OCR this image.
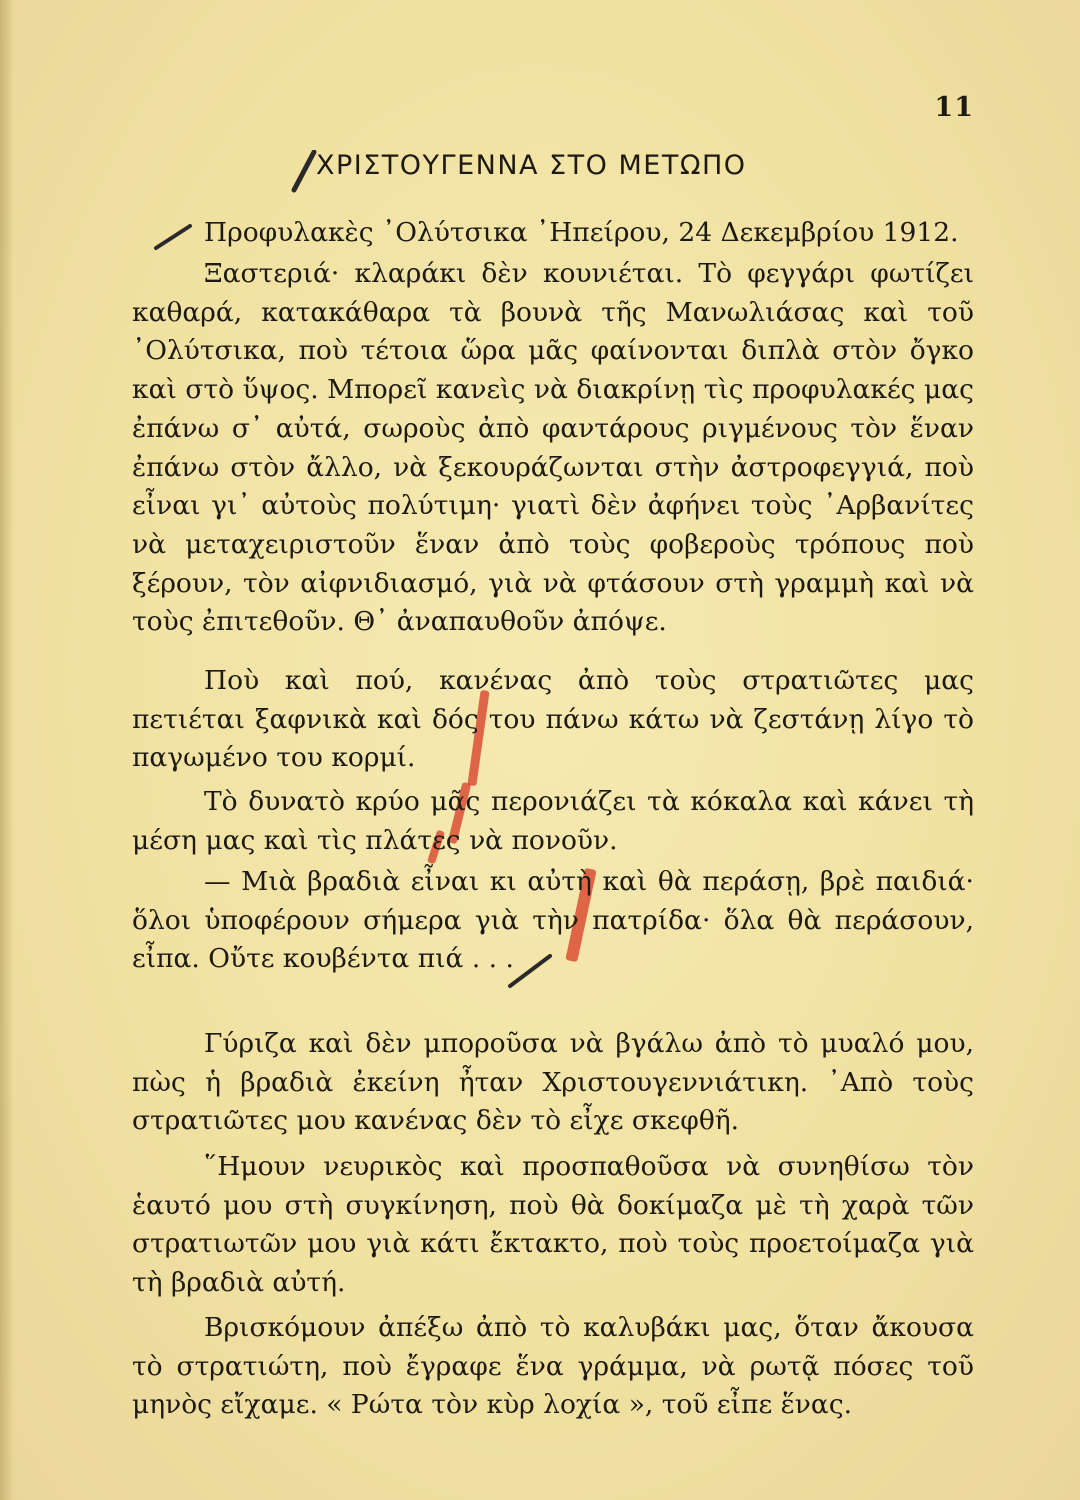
11
ΧΡΙΣΤΟΥΓΕΝΝΑ ΣΤΟ ΜΕΤΩΠΟ

Προφυλακὲς ᾿Ολύτσικα ᾿Ηπείρου, 24 Δεκεμβρίου 1912.

Ξαστεριά· κλαράκι δὲν κουνιέται. Τὸ φεγγάρι φωτίζει καθαρά, κατακάθαρα τὰ βουνὰ τῆς Μανωλιάσας καὶ τοῦ ᾿Ολύτσικα, ποὺ τέτοια ὥρα μᾶς φαίνονται διπλὰ στὸν ὄγκο καὶ στὸ ὕψος. Μπορεῖ κανεὶς νὰ διακρίνῃ τὶς προφυλακές μας ἐπάνω σ᾿ αὐτά, σωροὺς ἀπὸ φαντάρους ριγμένους τὸν ἕναν ἐπάνω στὸν ἄλλο, νὰ ξεκουράζωνται στὴν ἀστροφεγγιά, ποὺ εἶναι γι᾿ αὐτοὺς πολύτιμη· γιατὶ δὲν ἀφήνει τοὺς ᾿Αρβανίτες νὰ μεταχειριστοῦν ἕναν ἀπὸ τοὺς φοβεροὺς τρόπους ποὺ ξέρουν, τὸν αἰφνιδιασμό, γιὰ νὰ φτάσουν στὴ γραμμὴ καὶ νὰ τοὺς ἐπιτεθοῦν. Θ᾿ ἀναπαυθοῦν ἀπόψε.

Ποὺ καὶ πού, κανένας ἀπὸ τοὺς στρατιῶτες μας πετιέται ξαφνικὰ καὶ δός του πάνω κάτω νὰ ζεστάνῃ λίγο τὸ παγωμένο του κορμί.

Τὸ δυνατὸ κρύο μᾶς περονιάζει τὰ κόκαλα καὶ κάνει τὴ μέση μας καὶ τὶς πλάτες νὰ πονοῦν.

— Μιὰ βραδιὰ εἶναι κι αὐτὴ καὶ θὰ περάσῃ, βρὲ παιδιά· ὅλοι ὑποφέρουν σήμερα γιὰ τὴν πατρίδα· ὅλα θὰ περάσουν, εἶπα. Οὔτε κουβέντα πιά . . .

Γύριζα καὶ δὲν μποροῦσα νὰ βγάλω ἀπὸ τὸ μυαλό μου, πὼς ἡ βραδιὰ ἐκείνη ἦταν Χριστουγεννιάτικη. ᾿Απὸ τοὺς στρατιῶτες μου κανένας δὲν τὸ εἶχε σκεφθῆ.

῞Ημουν νευρικὸς καὶ προσπαθοῦσα νὰ συνηθίσω τὸν ἑαυτό μου στὴ συγκίνηση, ποὺ θὰ δοκίμαζα μὲ τὴ χαρὰ τῶν στρατιωτῶν μου γιὰ κάτι ἔκτακτο, ποὺ τοὺς προετοίμαζα γιὰ τὴ βραδιὰ αὐτή.

Βρισκόμουν ἀπέξω ἀπὸ τὸ καλυβάκι μας, ὅταν ἄκουσα τὸ στρατιώτη, ποὺ ἔγραφε ἕνα γράμμα, νὰ ρωτᾷ πόσες τοῦ μηνὸς εἴχαμε. « Ρώτα τὸν κὺρ λοχία », τοῦ εἶπε ἕνας.
